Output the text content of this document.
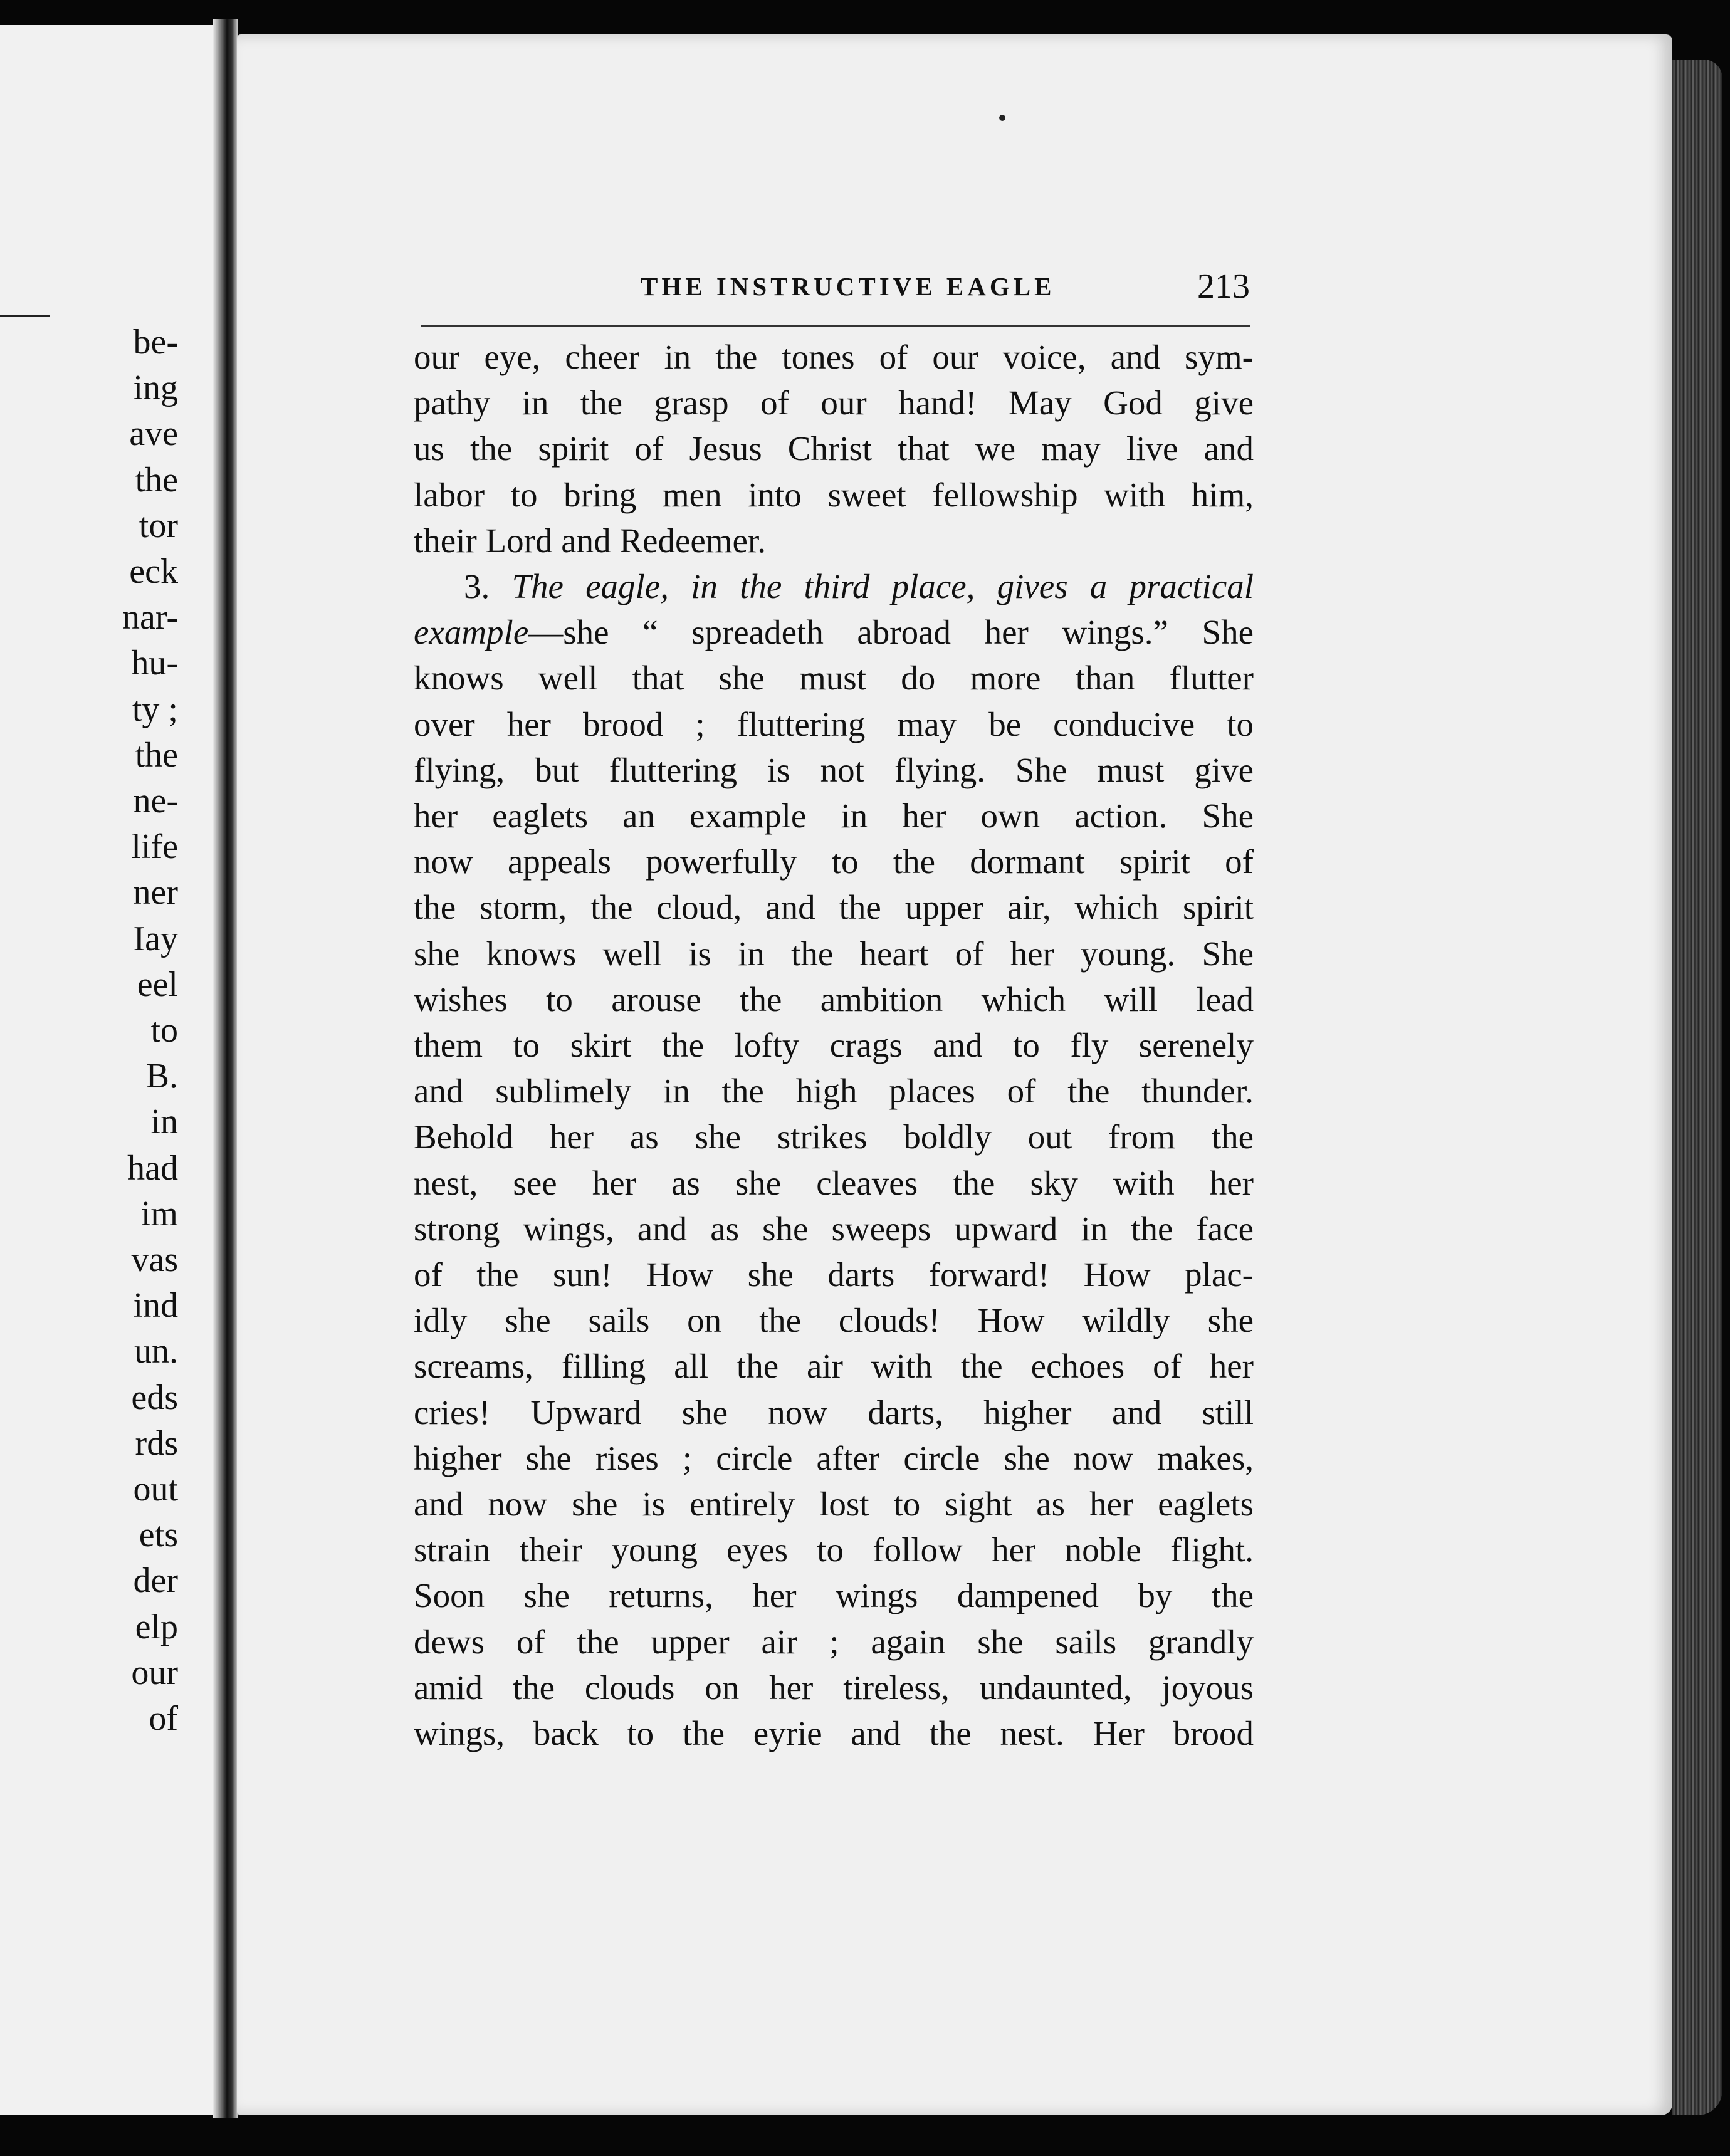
be-
ing
ave
the
tor
eck
nar-
hu-
ty ;
the
ne-
life
ner
Iay
eel
to
B.
in
had
im
vas
ind
un.
eds
rds
out
ets
der
elp
our
of
THE INSTRUCTIVE EAGLE	213
our eye, cheer in the tones of our voice, and sym-
pathy in the grasp of our hand! May God give
us the spirit of Jesus Christ that we may live and
labor to bring men into sweet fellowship with him,
their Lord and Redeemer.
3. The eagle, in the third place, gives a practical
example—she “ spreadeth abroad her wings.” She
knows well that she must do more than flutter
over her brood ; fluttering may be conducive to
flying, but fluttering is not flying. She must give
her eaglets an example in her own action. She
now appeals powerfully to the dormant spirit of
the storm, the cloud, and the upper air, which spirit
she knows well is in the heart of her young. She
wishes to arouse the ambition which will lead
them to skirt the lofty crags and to fly serenely
and sublimely in the high places of the thunder.
Behold her as she strikes boldly out from the
nest, see her as she cleaves the sky with her
strong wings, and as she sweeps upward in the face
of the sun! How she darts forward! How plac-
idly she sails on the clouds! How wildly she
screams, filling all the air with the echoes of her
cries! Upward she now darts, higher and still
higher she rises ; circle after circle she now makes,
and now she is entirely lost to sight as her eaglets
strain their young eyes to follow her noble flight.
Soon she returns, her wings dampened by the
dews of the upper air ; again she sails grandly
amid the clouds on her tireless, undaunted, joyous
wings, back to the eyrie and the nest. Her brood
